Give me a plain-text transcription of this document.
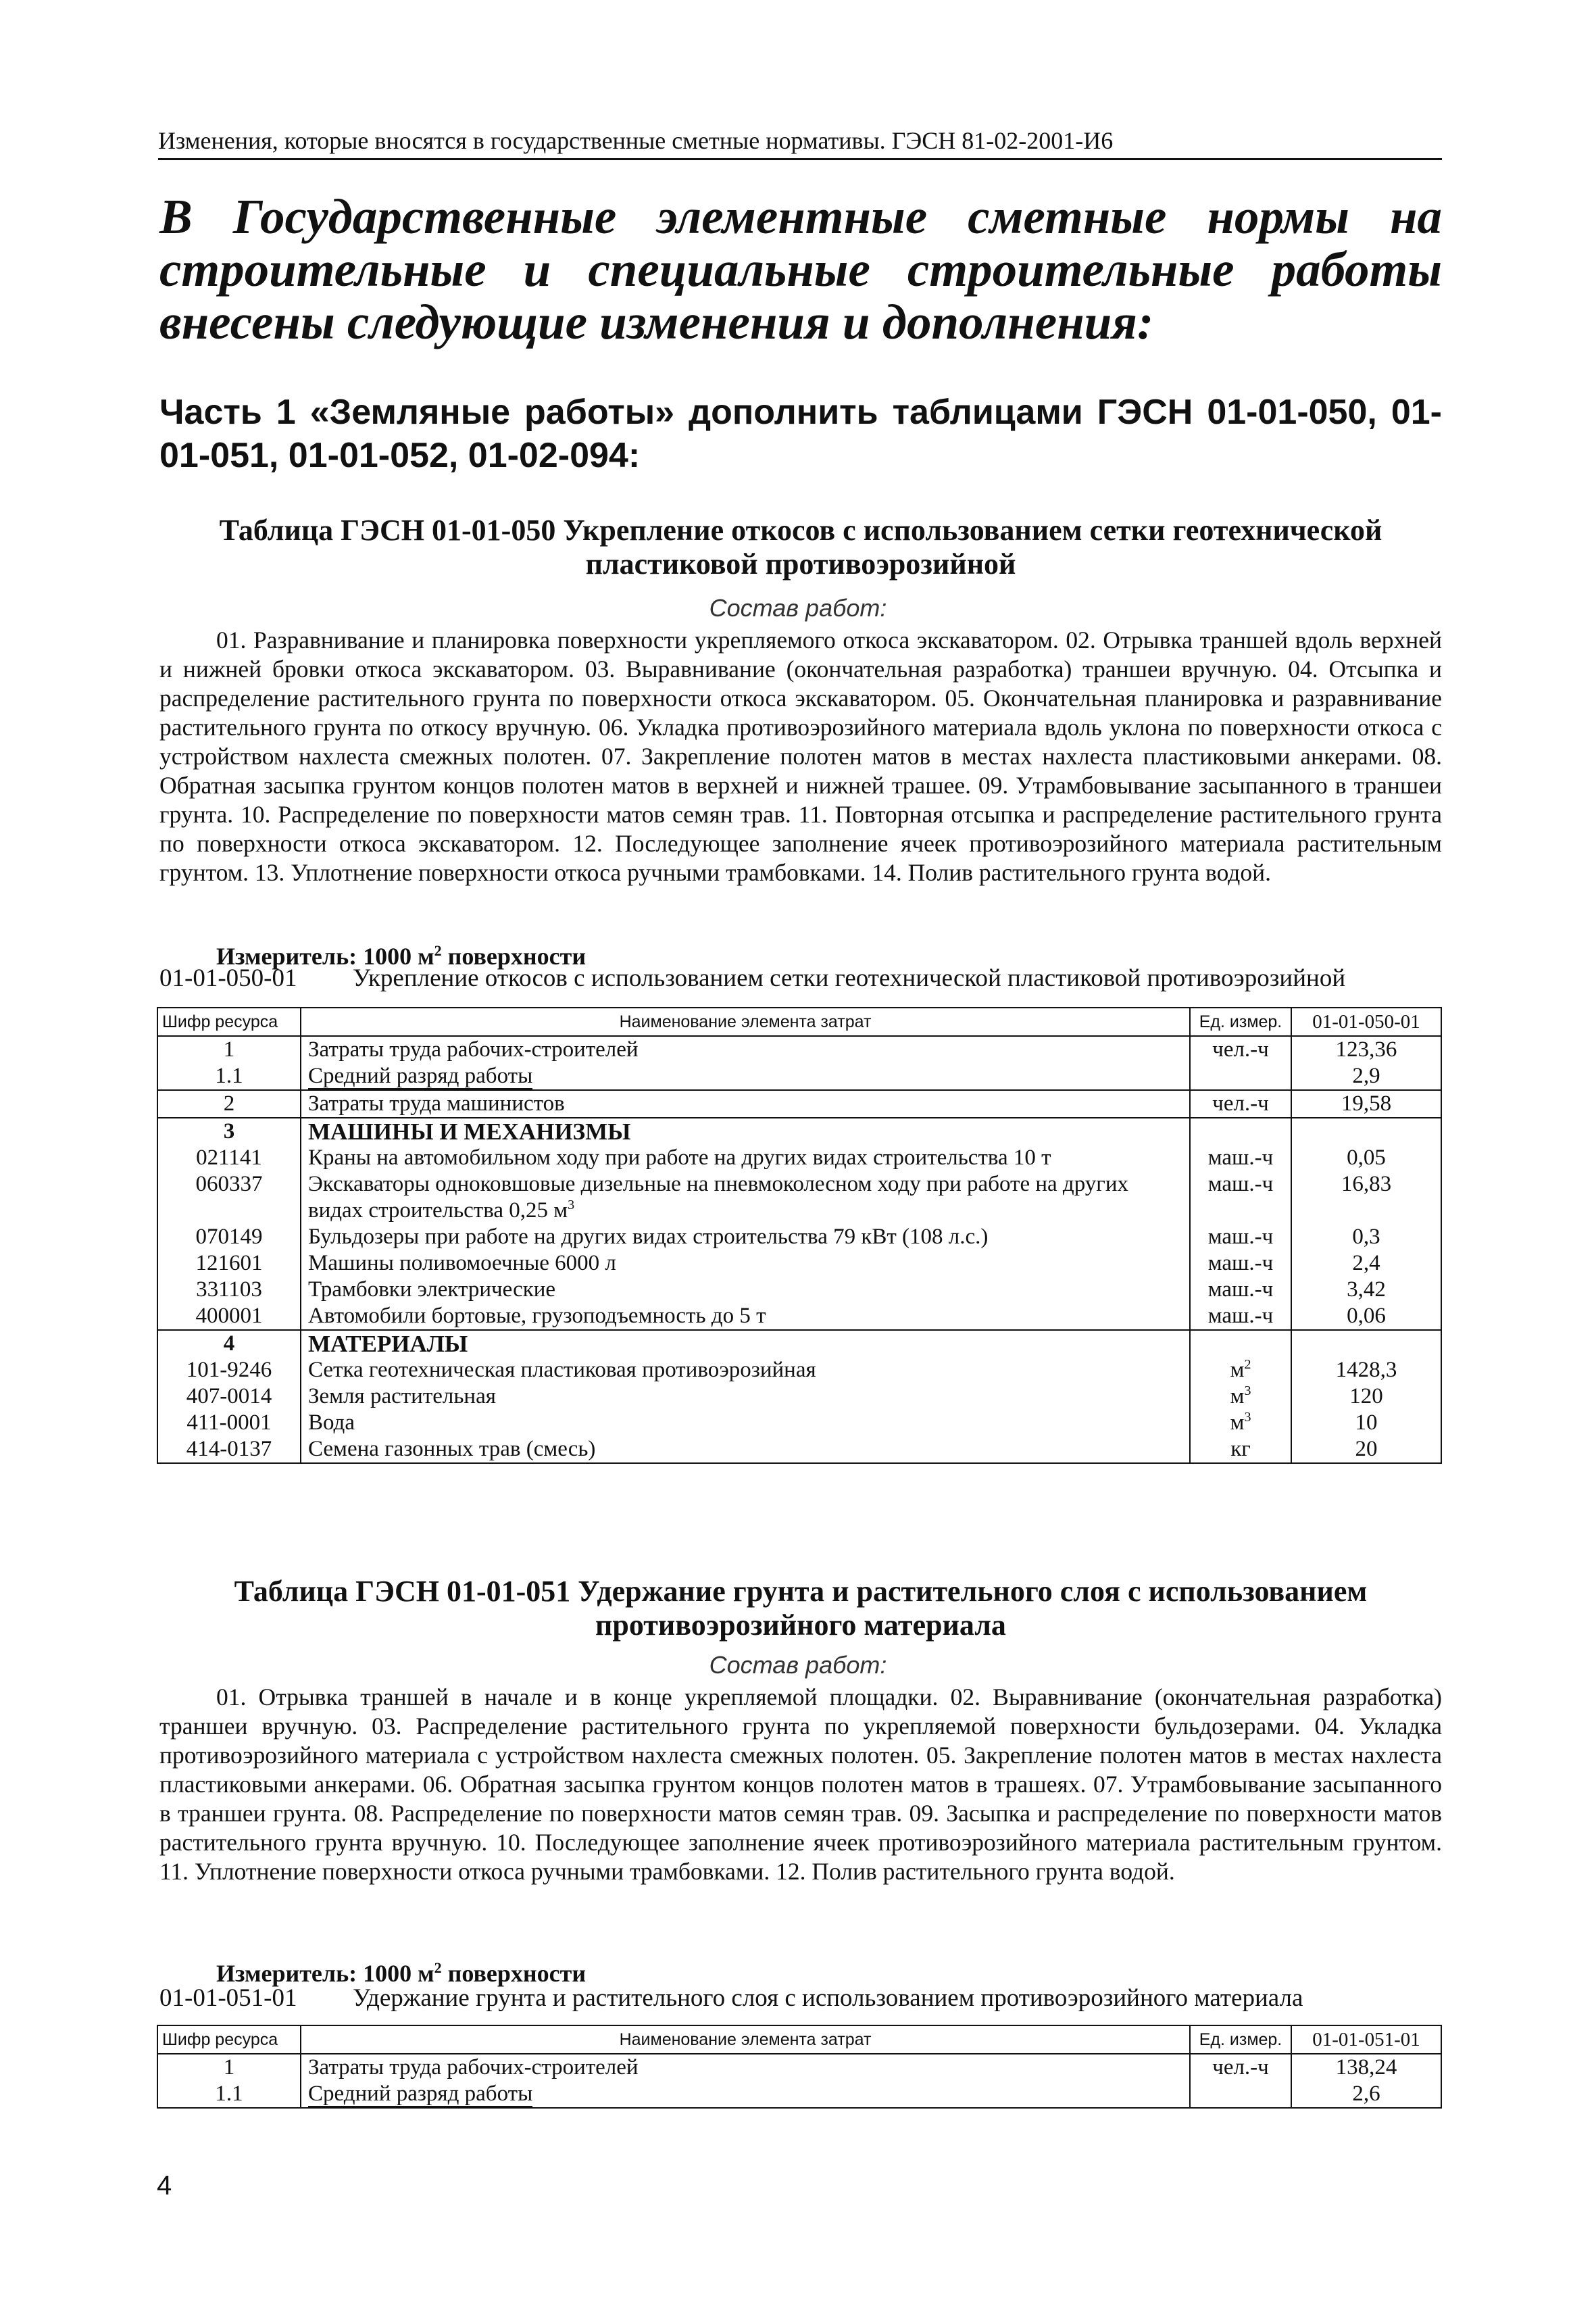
Изменения, которые вносятся в государственные сметные нормативы. ГЭСН 81-02-2001-И6
В Государственные элементные сметные нормы на строительные и специальные строительные работы внесены следующие изменения и дополнения:
Часть 1 «Земляные работы» дополнить таблицами ГЭСН 01-01-050, 01-01-051, 01-01-052, 01-02-094:
Таблица ГЭСН 01-01-050 Укрепление откосов с использованием сетки геотехнической пластиковой противоэрозийной
Состав работ:
01. Разравнивание и планировка поверхности укрепляемого откоса экскаватором. 02. Отрывка траншей вдоль верхней и нижней бровки откоса экскаватором. 03. Выравнивание (окончательная разработка) траншеи вручную. 04. Отсыпка и распределение растительного грунта по поверхности откоса экскаватором. 05. Окончательная планировка и разравнивание растительного грунта по откосу вручную. 06. Укладка противоэрозийного материала вдоль уклона по поверхности откоса с устройством нахлеста смежных полотен. 07. Закрепление полотен матов в местах нахлеста пластиковыми анкерами. 08. Обратная засыпка грунтом концов полотен матов в верхней и нижней трашее. 09. Утрамбовывание засыпанного в траншеи грунта. 10. Распределение по поверхности матов семян трав. 11. Повторная отсыпка и распределение растительного грунта по поверхности откоса экскаватором. 12. Последующее заполнение ячеек противоэрозийного материала растительным грунтом. 13. Уплотнение поверхности откоса ручными трамбовками. 14. Полив растительного грунта водой.
Измеритель: 1000 $м^2$ поверхности
01-01-050-01 Укрепление откосов с использованием сетки геотехнической пластиковой противоэрозийной
Шифр ресурса	Наименование элемента затрат	Ед. измер.	01-01-050-01
1	Затраты труда рабочих-строителей	чел.-ч	123,36
1.1	Средний разряд работы		2,9
2	Затраты труда машинистов	чел.-ч	19,58
3	МАШИНЫ И МЕХАНИЗМЫ		
021141	Краны на автомобильном ходу при работе на других видах строительства 10 т	маш.-ч	0,05
060337	Экскаваторы одноковшовые дизельные на пневмоколесном ходу при работе на других видах строительства 0,25 $м^3$	маш.-ч	16,83
070149	Бульдозеры при работе на других видах строительства 79 кВт (108 л.с.)	маш.-ч	0,3
121601	Машины поливомоечные 6000 л	маш.-ч	2,4
331103	Трамбовки электрические	маш.-ч	3,42
400001	Автомобили бортовые, грузоподъемность до 5 т	маш.-ч	0,06
4	МАТЕРИАЛЫ		
101-9246	Сетка геотехническая пластиковая противоэрозийная	$м^2$	1428,3
407-0014	Земля растительная	$м^3$	120
411-0001	Вода	$м^3$	10
414-0137	Семена газонных трав (смесь)	кг	20
Таблица ГЭСН 01-01-051 Удержание грунта и растительного слоя с использованием противоэрозийного материала
Состав работ:
01. Отрывка траншей в начале и в конце укрепляемой площадки. 02. Выравнивание (окончательная разработка) траншеи вручную. 03. Распределение растительного грунта по укрепляемой поверхности бульдозерами. 04. Укладка противоэрозийного материала с устройством нахлеста смежных полотен. 05. Закрепление полотен матов в местах нахлеста пластиковыми анкерами. 06. Обратная засыпка грунтом концов полотен матов в трашеях. 07. Утрамбовывание засыпанного в траншеи грунта. 08. Распределение по поверхности матов семян трав. 09. Засыпка и распределение по поверхности матов растительного грунта вручную. 10. Последующее заполнение ячеек противоэрозийного материала растительным грунтом. 11. Уплотнение поверхности откоса ручными трамбовками. 12. Полив растительного грунта водой.
Измеритель: 1000 $м^2$ поверхности
01-01-051-01 Удержание грунта и растительного слоя с использованием противоэрозийного материала
Шифр ресурса	Наименование элемента затрат	Ед. измер.	01-01-051-01
1	Затраты труда рабочих-строителей	чел.-ч	138,24
1.1	Средний разряд работы		2,6
4
